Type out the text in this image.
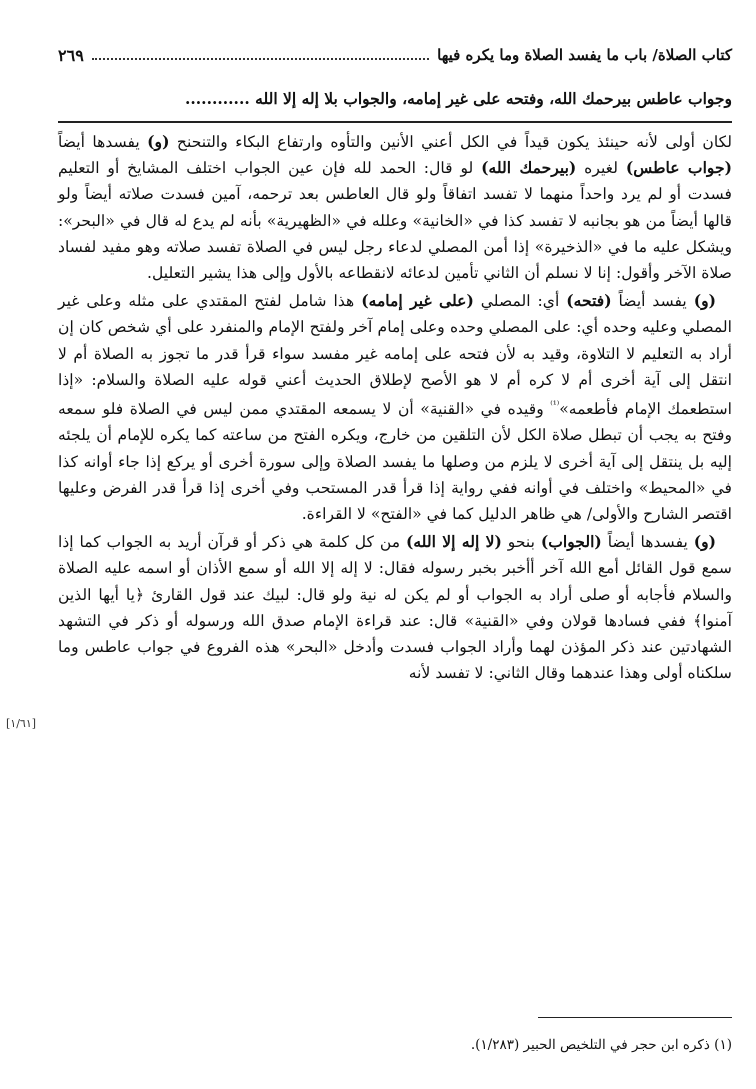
كتاب الصلاة/ باب ما يفسد الصلاة وما يكره فيها
٢٦٩
وجواب عاطس بيرحمك الله، وفتحه على غير إمامه، والجواب بلا إله إلا الله ............

لكان أولى لأنه حينئذ يكون قيداً في الكل أعني الأنين والتأوه وارتفاع البكاء والتنحنح (و) يفسدها أيضاً (جواب عاطس) لغيره (بيرحمك الله) لو قال: الحمد لله فإن عين الجواب اختلف المشايخ أو التعليم فسدت أو لم يرد واحداً منهما لا تفسد اتفاقاً ولو قال العاطس بعد ترحمه، آمين فسدت صلاته أيضاً ولو قالها أيضاً من هو بجانبه لا تفسد كذا في «الخانية» وعلله في «الظهيرية» بأنه لم يدع له قال في «البحر»: ويشكل عليه ما في «الذخيرة» إذا أمن المصلي لدعاء رجل ليس في الصلاة تفسد صلاته وهو مفيد لفساد صلاة الآخر وأقول: إنا لا نسلم أن الثاني تأمين لدعائه لانقطاعه بالأول وإلى هذا يشير التعليل.

(و) يفسد أيضاً (فتحه) أي: المصلي (على غير إمامه) هذا شامل لفتح المقتدي على مثله وعلى غير المصلي وعليه وحده أي: على المصلي وحده وعلى إمام آخر ولفتح الإمام والمنفرد على أي شخص كان إن أراد به التعليم لا التلاوة، وقيد به لأن فتحه على إمامه غير مفسد سواء قرأ قدر ما تجوز به الصلاة أم لا انتقل إلى آية أخرى أم لا كره أم لا هو الأصح لإطلاق الحديث أعني قوله عليه الصلاة والسلام: «إذا استطعمك الإمام فأطعمه»$^{^{(1)}}$ وقيده في «القنية» أن لا يسمعه المقتدي ممن ليس في الصلاة فلو سمعه وفتح به يجب أن تبطل صلاة الكل لأن التلقين من خارج، ويكره الفتح من ساعته كما يكره للإمام أن يلجئه إليه بل ينتقل إلى آية أخرى لا يلزم من وصلها ما يفسد الصلاة وإلى سورة أخرى أو يركع إذا جاء أوانه كذا في «المحيط» واختلف في أوانه ففي رواية إذا قرأ قدر المستحب وفي أخرى إذا قرأ قدر الفرض وعليها اقتصر الشارح والأولى/ هي ظاهر الدليل كما في «الفتح» لا القراءة.

(و) يفسدها أيضاً (الجواب) بنحو (لا إله إلا الله) من كل كلمة هي ذكر أو قرآن أريد به الجواب كما إذا سمع قول القائل أمع الله آخر أأخبر بخبر رسوله فقال: لا إله إلا الله أو سمع الأذان أو اسمه عليه الصلاة والسلام فأجابه أو صلى أراد به الجواب أو لم يكن له نية ولو قال: لبيك عند قول القارئ ﴿يا أيها الذين آمنوا﴾ ففي فسادها قولان وفي «القنية» قال: عند قراءة الإمام صدق الله ورسوله أو ذكر في التشهد الشهادتين عند ذكر المؤذن لهما وأراد الجواب فسدت وأدخل «البحر» هذه الفروع في جواب عاطس وما سلكناه أولى وهذا عندهما وقال الثاني: لا تفسد لأنه

[١/٦١]
(١) ذكره ابن حجر في التلخيص الحبير (١/٢٨٣).
